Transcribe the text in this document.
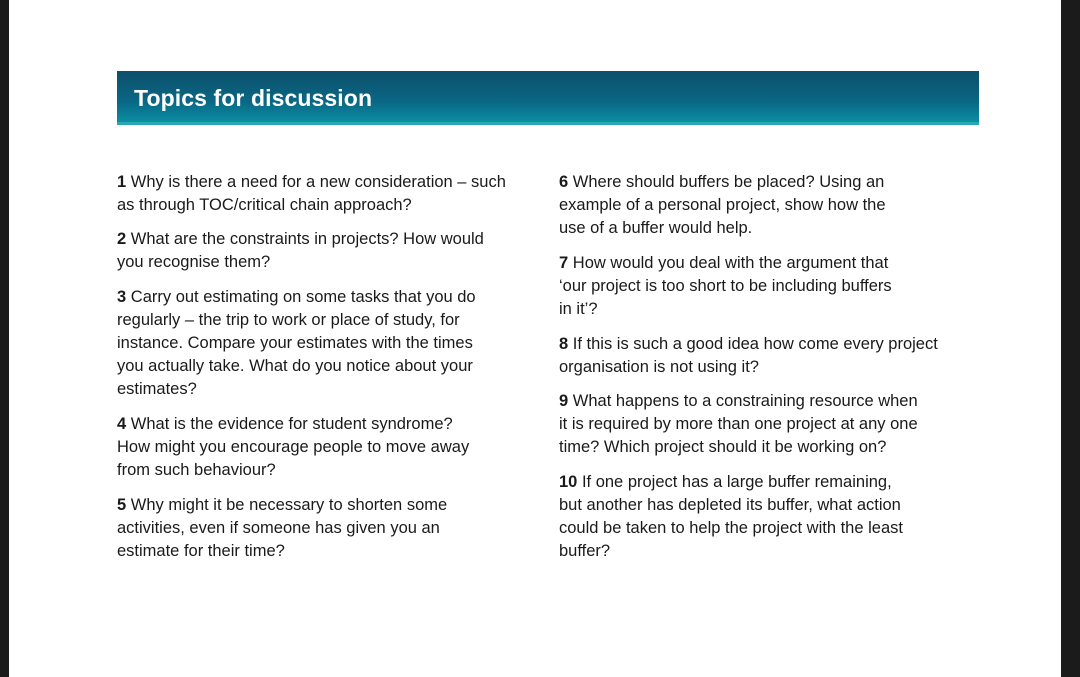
Topics for discussion

1 Why is there a need for a new consideration – such
as through TOC/critical chain approach?

2 What are the constraints in projects? How would
you recognise them?

3 Carry out estimating on some tasks that you do
regularly – the trip to work or place of study, for
instance. Compare your estimates with the times
you actually take. What do you notice about your
estimates?

4 What is the evidence for student syndrome?
How might you encourage people to move away
from such behaviour?

5 Why might it be necessary to shorten some
activities, even if someone has given you an
estimate for their time?

6 Where should buffers be placed? Using an
example of a personal project, show how the
use of a buffer would help.

7 How would you deal with the argument that
‘our project is too short to be including buffers
in it’?

8 If this is such a good idea how come every project
organisation is not using it?

9 What happens to a constraining resource when
it is required by more than one project at any one
time? Which project should it be working on?

10 If one project has a large buffer remaining,
but another has depleted its buffer, what action
could be taken to help the project with the least
buffer?
